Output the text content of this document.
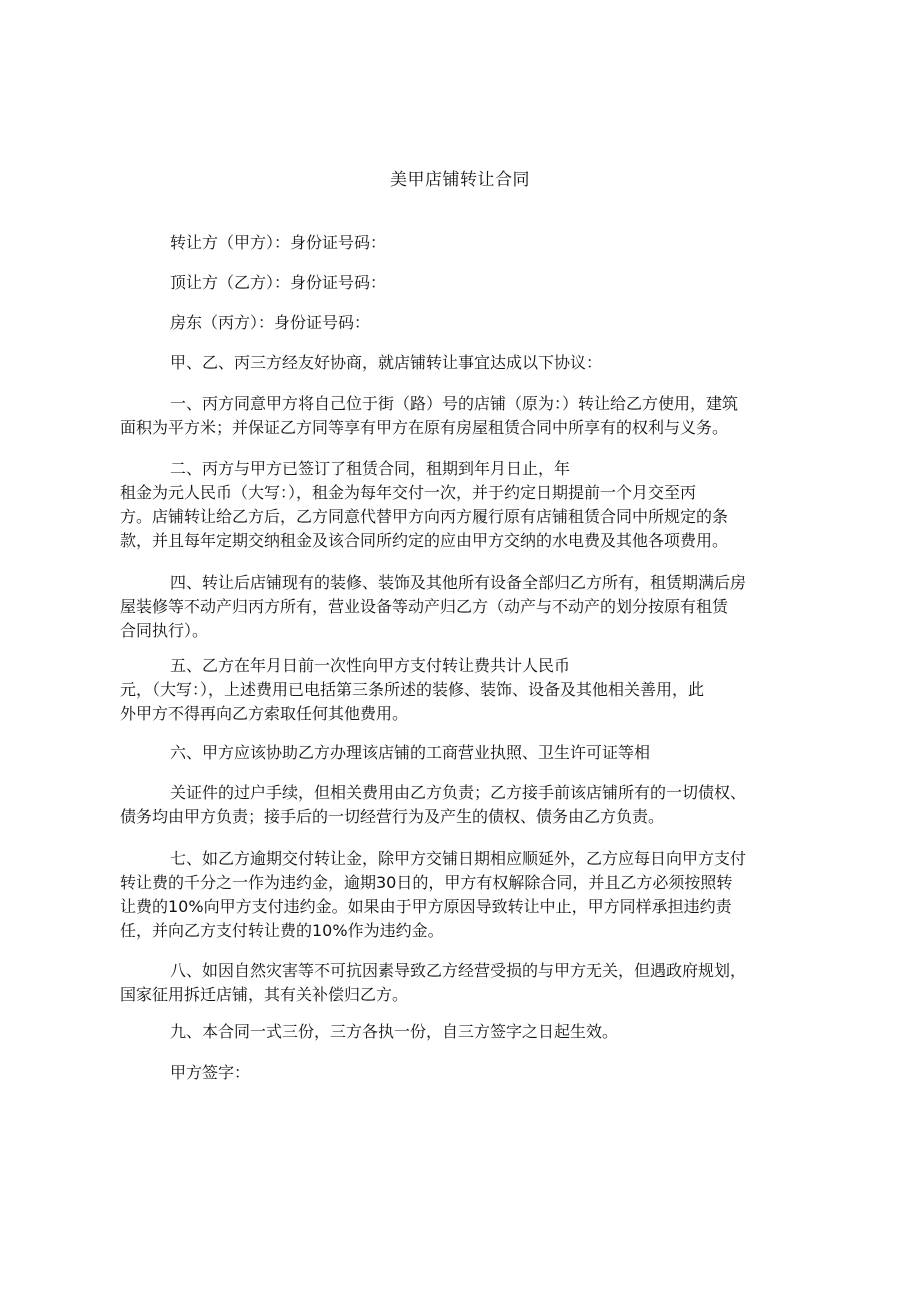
美甲店铺转让合同
转让方（甲方）：身份证号码：
顶让方（乙方）：身份证号码：
房东（丙方）：身份证号码：
甲、乙、丙三方经友好协商，就店铺转让事宜达成以下协议：
一、丙方同意甲方将自己位于街（路）号的店铺（原为：）转让给乙方使用，建筑
面积为平方米；并保证乙方同等享有甲方在原有房屋租赁合同中所享有的权利与义务。
二、丙方与甲方已签订了租赁合同，租期到年月日止，年
租金为元人民币（大写：），租金为每年交付一次，并于约定日期提前一个月交至丙
方。店铺转让给乙方后，乙方同意代替甲方向丙方履行原有店铺租赁合同中所规定的条
款，并且每年定期交纳租金及该合同所约定的应由甲方交纳的水电费及其他各项费用。
四、转让后店铺现有的装修、装饰及其他所有设备全部归乙方所有，租赁期满后房
屋装修等不动产归丙方所有，营业设备等动产归乙方（动产与不动产的划分按原有租赁
合同执行）。
五、乙方在年月日前一次性向甲方支付转让费共计人民币
元，（大写：），上述费用已电括第三条所述的装修、装饰、设备及其他相关善用，此
外甲方不得再向乙方索取任何其他费用。
六、甲方应该协助乙方办理该店铺的工商营业执照、卫生许可证等相
关证件的过户手续，但相关费用由乙方负责；乙方接手前该店铺所有的一切债权、
债务均由甲方负责；接手后的一切经营行为及产生的债权、债务由乙方负责。
七、如乙方逾期交付转让金，除甲方交铺日期相应顺延外，乙方应每日向甲方支付
转让费的千分之一作为违约金，逾期30日的，甲方有权解除合同，并且乙方必须按照转
让费的10%向甲方支付违约金。如果由于甲方原因导致转让中止，甲方同样承担违约责
任，并向乙方支付转让费的10%作为违约金。
八、如因自然灾害等不可抗因素导致乙方经营受损的与甲方无关，但遇政府规划，
国家征用拆迁店铺，其有关补偿归乙方。
九、本合同一式三份，三方各执一份，自三方签字之日起生效。
甲方签字：
